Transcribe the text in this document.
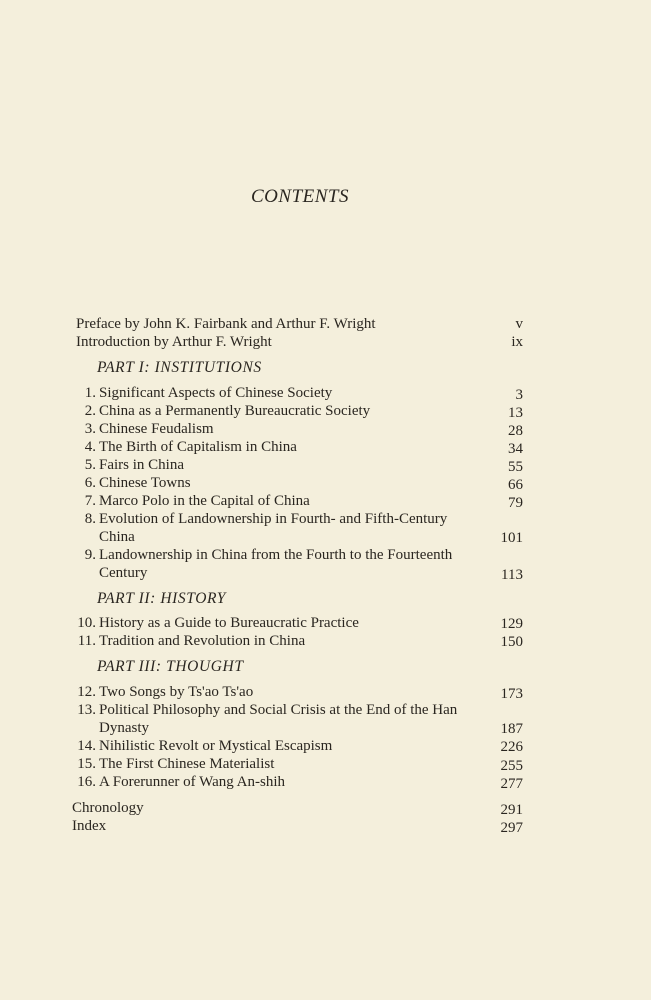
CONTENTS
Preface by John K. Fairbank and Arthur F. Wright	v
Introduction by Arthur F. Wright	ix
PART I: INSTITUTIONS
1. Significant Aspects of Chinese Society	3
2. China as a Permanently Bureaucratic Society	13
3. Chinese Feudalism	28
4. The Birth of Capitalism in China	34
5. Fairs in China	55
6. Chinese Towns	66
7. Marco Polo in the Capital of China	79
8. Evolution of Landownership in Fourth- and Fifth-Century
China	101
9. Landownership in China from the Fourth to the Fourteenth
Century	113
PART II: HISTORY
10. History as a Guide to Bureaucratic Practice	129
11. Tradition and Revolution in China	150
PART III: THOUGHT
12. Two Songs by Ts'ao Ts'ao	173
13. Political Philosophy and Social Crisis at the End of the Han
Dynasty	187
14. Nihilistic Revolt or Mystical Escapism	226
15. The First Chinese Materialist	255
16. A Forerunner of Wang An-shih	277
Chronology	291
Index	297
